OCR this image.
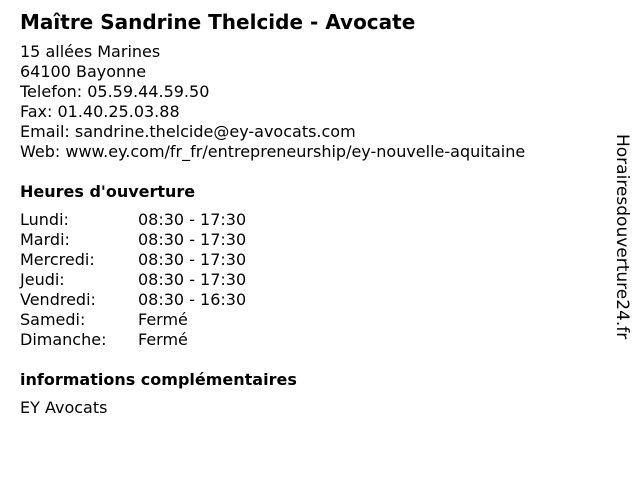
Maître Sandrine Thelcide - Avocate
15 allées Marines
64100 Bayonne
Telefon: 05.59.44.59.50
Fax: 01.40.25.03.88
Email: sandrine.thelcide@ey-avocats.com
Web: www.ey.com/fr_fr/entrepreneurship/ey-nouvelle-aquitaine
Heures d'ouverture
Lundi:	08:30 - 17:30
Mardi:	08:30 - 17:30
Mercredi:	08:30 - 17:30
Jeudi:	08:30 - 17:30
Vendredi:	08:30 - 16:30
Samedi:	Fermé
Dimanche:	Fermé
informations complémentaires
EY Avocats
Horairesdouverture24.fr
